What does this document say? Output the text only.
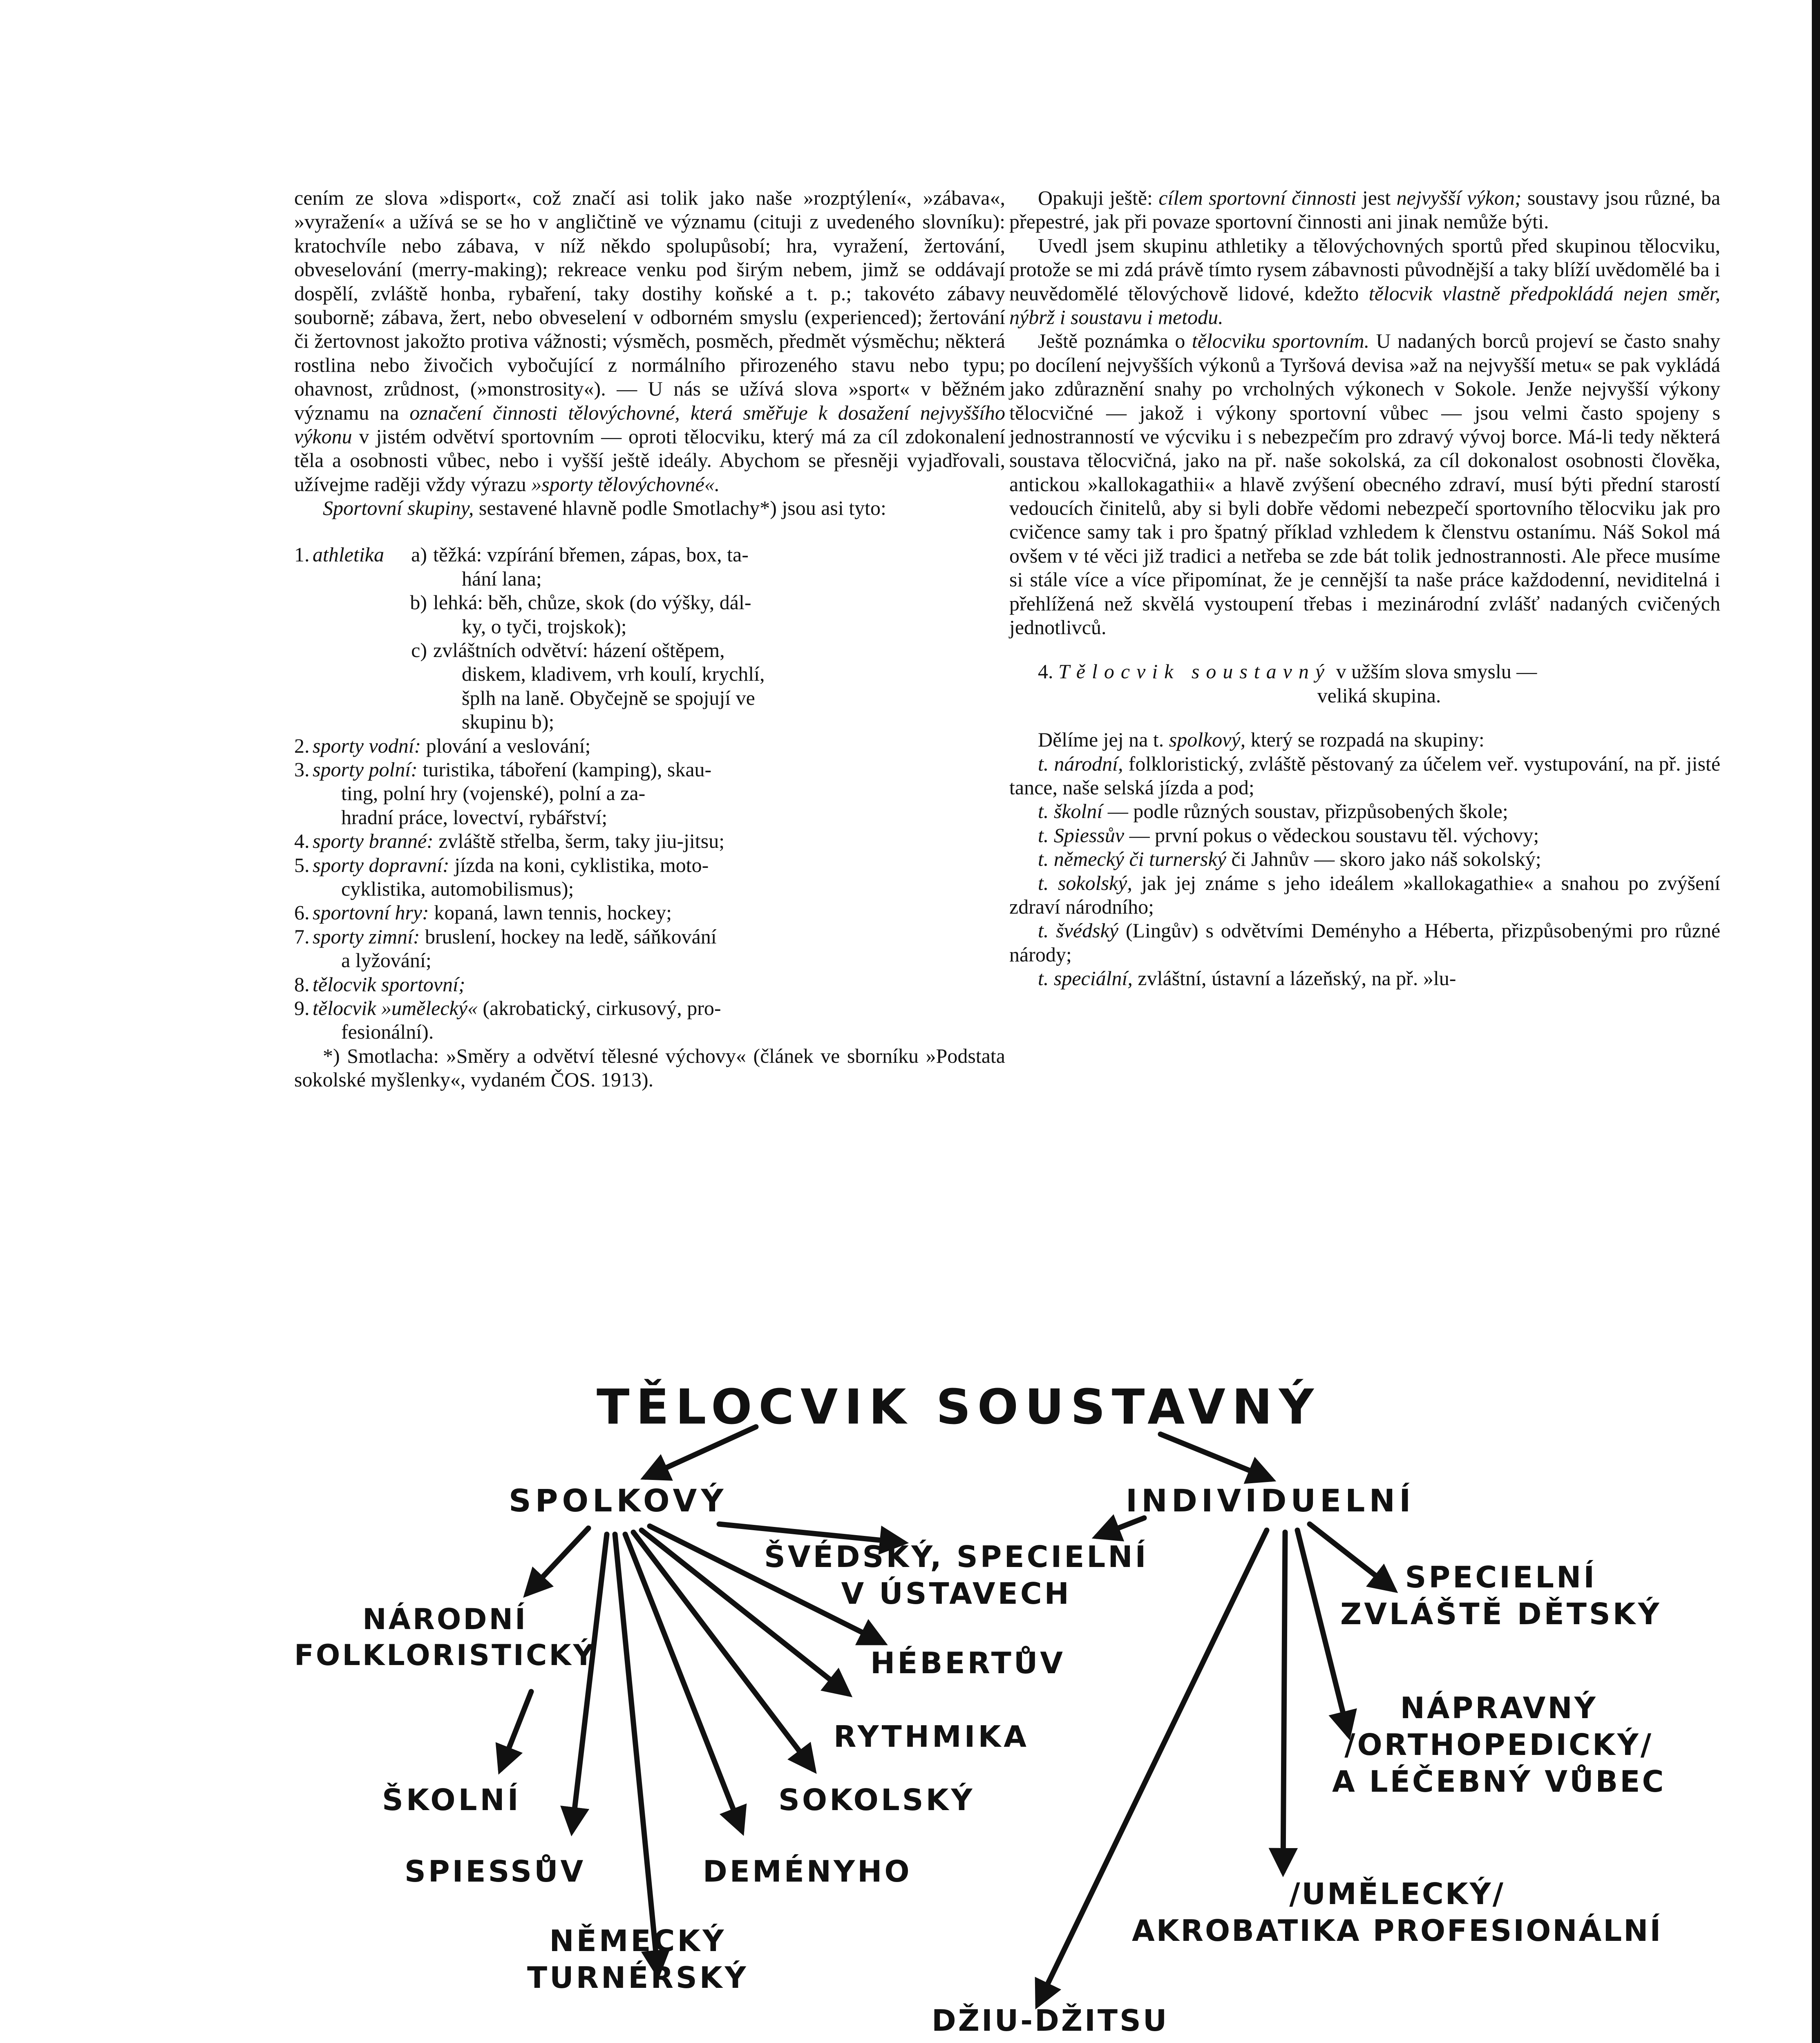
cením ze slova »disport«, což značí asi tolik jako naše »rozptýlení«, »zábava«, »vyražení« a užívá se se ho v angličtině ve významu (cituji z uvedeného slovníku): kratochvíle nebo zábava, v níž někdo spolupůsobí; hra, vyražení, žertování, obveselování (merry-making); rekreace venku pod širým nebem, jimž se oddávají dospělí, zvláště honba, rybaření, taky dostihy koňské a t. p.; takovéto zábavy souborně; zábava, žert, nebo obveselení v odborném smyslu (experienced); žertování či žertovnost jakožto protiva vážnosti; výsměch, posměch, předmět výsměchu; některá rostlina nebo živočich vybočující z normálního přirozeného stavu nebo typu; ohavnost, zrůdnost, (»monstrosity«). — U nás se užívá slova »sport« v běžném významu na označení činnosti tělovýchovné, která směřuje k dosažení nejvyššího výkonu v jistém odvětví sportovním — oproti tělocviku, který má za cíl zdokonalení těla a osobnosti vůbec, nebo i vyšší ještě ideály. Abychom se přesněji vyjadřovali, užívejme raději vždy výrazu »sporty tělovýchovné«.

Sportovní skupiny, sestavené hlavně podle Smotlachy*) jsou asi tyto:

1. athletika	a) těžká: vzpírání břemen, zápas, box, ta-
hání lana;
b) lehká: běh, chůze, skok (do výšky, dál-
ky, o tyči, trojskok);
c) zvláštních odvětví: házení oštěpem,
diskem, kladivem, vrh koulí, krychlí,
šplh na laně. Obyčejně se spojují ve
skupinu b);
2. sporty vodní: plování a veslování;
3. sporty polní: turistika, táboření (kamping), skau-
ting, polní hry (vojenské), polní a za-
hradní práce, lovectví, rybářství;
4. sporty branné: zvláště střelba, šerm, taky jiu-jitsu;
5. sporty dopravní: jízda na koni, cyklistika, moto-
cyklistika, automobilismus);
6. sportovní hry: kopaná, lawn tennis, hockey;
7. sporty zimní: bruslení, hockey na ledě, sáňkování
a lyžování;
8. tělocvik sportovní;
9. tělocvik »umělecký« (akrobatický, cirkusový, pro-
fesionální).

*) Smotlacha: »Směry a odvětví tělesné výchovy« (článek ve sborníku »Podstata sokolské myšlenky«, vydaném ČOS. 1913).

Opakuji ještě: cílem sportovní činnosti jest nejvyšší výkon; soustavy jsou různé, ba přepestré, jak při povaze sportovní činnosti ani jinak nemůže býti.

Uvedl jsem skupinu athletiky a tělovýchovných sportů před skupinou tělocviku, protože se mi zdá právě tímto rysem zábavnosti původnější a taky blíží uvědomělé ba i neuvědomělé tělovýchově lidové, kdežto tělocvik vlastně předpokládá nejen směr, nýbrž i soustavu i metodu.

Ještě poznámka o tělocviku sportovním. U nadaných borců projeví se často snahy po docílení nejvyšších výkonů a Tyršová devisa »až na nejvyšší metu« se pak vykládá jako zdůraznění snahy po vrcholných výkonech v Sokole. Jenže nejvyšší výkony tělocvičné — jakož i výkony sportovní vůbec — jsou velmi často spojeny s jednostranností ve výcviku i s nebezpečím pro zdravý vývoj borce. Má-li tedy některá soustava tělocvičná, jako na př. naše sokolská, za cíl dokonalost osobnosti člověka, antickou »kallokagathii« a hlavě zvýšení obecného zdraví, musí býti přední starostí vedoucích činitelů, aby si byli dobře vědomi nebezpečí sportovního tělocviku jak pro cvičence samy tak i pro špatný příklad vzhledem k členstvu ostanímu. Náš Sokol má ovšem v té věci již tradici a netřeba se zde bát tolik jednostrannosti. Ale přece musíme si stále více a více připomínat, že je cennější ta naše práce každodenní, neviditelná i přehlížená než skvělá vystoupení třebas i mezinárodní zvlášť nadaných cvičených jednotlivců.

4. Tělocvik soustavný v užším slova smyslu —
veliká skupina.

Dělíme jej na t. spolkový, který se rozpadá na skupiny:

t. národní, folkloristický, zvláště pěstovaný za účelem veř. vystupování, na př. jisté tance, naše selská jízda a pod;

t. školní — podle různých soustav, přizpůsobených škole;

t. Spiessův — první pokus o vědeckou soustavu těl. výchovy;

t. německý či turnerský či Jahnův — skoro jako náš sokolský;

t. sokolský, jak jej známe s jeho ideálem »kallokagathie« a snahou po zvýšení zdraví národního;

t. švédský (Lingův) s odvětvími Deményho a Héberta, přizpůsobenými pro různé národy;

t. speciální, zvláštní, ústavní a lázeňský, na př. »lu-

TĚLOCVIK SOUSTAVNÝ
SPOLKOVÝ	INDIVIDUELNÍ
ŠVÉDSKÝ, SPECIELNÍ
V ÚSTAVECH
NÁRODNÍ
FOLKLORISTICKÝ	HÉBERTŮV
RYTHMIKA
ŠKOLNÍ	SOKOLSKÝ
SPIESSŮV	DEMÉNYHO
NĚMECKÝ
TURNÉRSKÝ
SPECIELNÍ
ZVLÁŠTĚ DĚTSKÝ
NÁPRAVNÝ
/ORTHOPEDICKÝ/
A LÉČEBNÝ VŮBEC
/UMĚLECKÝ/
AKROBATIKA PROFESIONÁLNÍ
DŽIU-DŽITSU
